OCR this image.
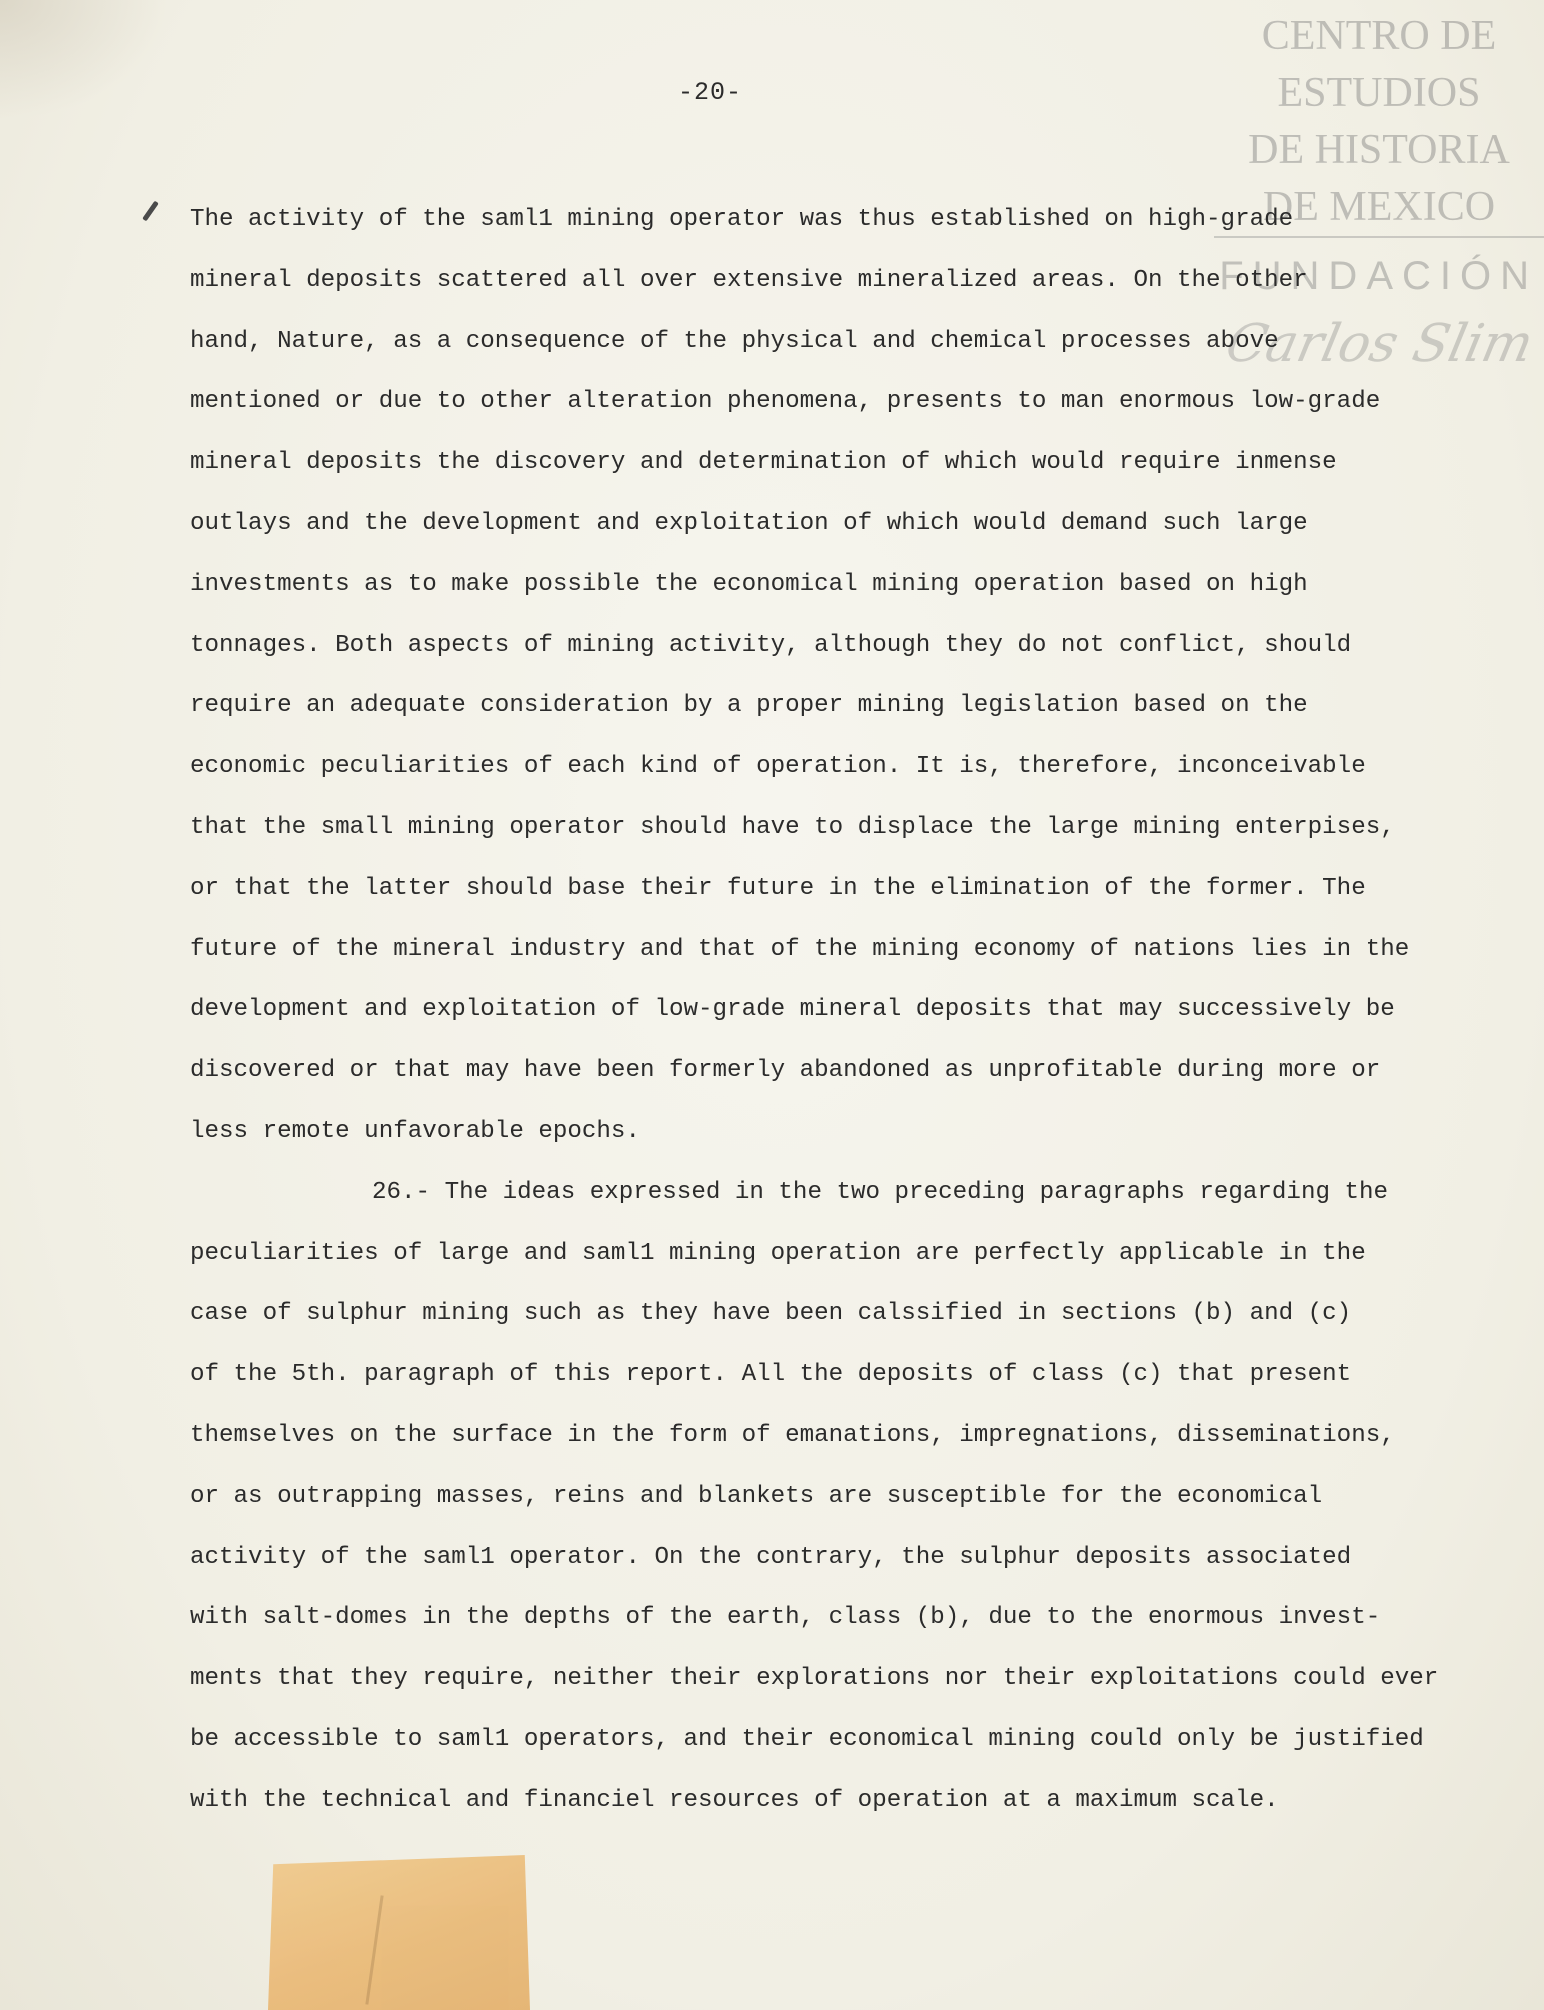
-20-
CENTRO DE
ESTUDIOS
DE HISTORIA
DE MEXICO
FUNDACIÓN
Carlos Slim
The activity of the saml1 mining operator was thus established on high-grade
mineral deposits scattered all over extensive mineralized areas. On the other
hand, Nature, as a consequence of the physical and chemical processes above
mentioned or due to other alteration phenomena, presents to man enormous low-grade
mineral deposits the discovery and determination of which would require inmense
outlays and the development and exploitation of which would demand such large
investments as to make possible the economical mining operation based on high
tonnages. Both aspects of mining activity, although they do not conflict, should
require an adequate consideration by a proper mining legislation based on the
economic peculiarities of each kind of operation. It is, therefore, inconceivable
that the small mining operator should have to displace the large mining enterpises,
or that the latter should base their future in the elimination of the former. The
future of the mineral industry and that of the mining economy of nations lies in the
development and exploitation of low-grade mineral deposits that may successively be
discovered or that may have been formerly abandoned as unprofitable during more or
less remote unfavorable epochs.
26.- The ideas expressed in the two preceding paragraphs regarding the
peculiarities of large and saml1 mining operation are perfectly applicable in the
case of sulphur mining such as they have been calssified in sections (b) and (c)
of the 5th. paragraph of this report. All the deposits of class (c) that present
themselves on the surface in the form of emanations, impregnations, disseminations,
or as outrapping masses, reins and blankets are susceptible for the economical
activity of the saml1 operator. On the contrary, the sulphur deposits associated
with salt-domes in the depths of the earth, class (b), due to the enormous invest-
ments that they require, neither their explorations nor their exploitations could ever
be accessible to saml1 operators, and their economical mining could only be justified
with the technical and financiel resources of operation at a maximum scale.
